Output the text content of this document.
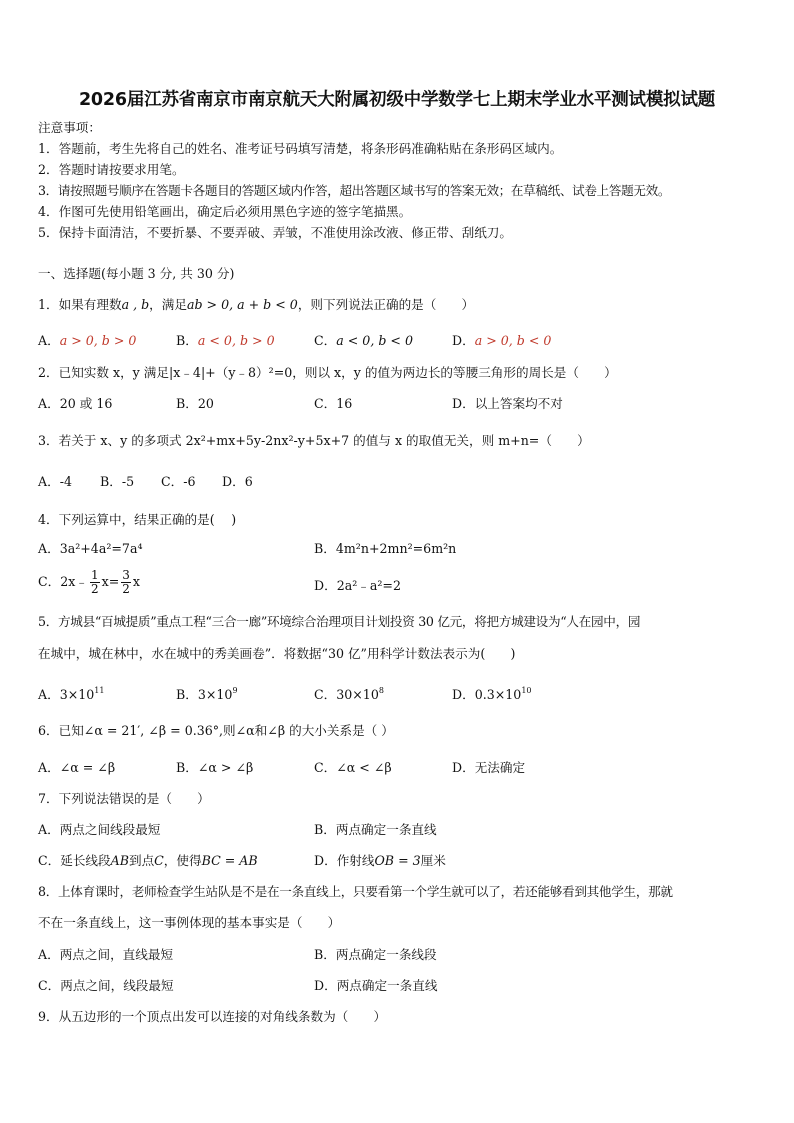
2026届江苏省南京市南京航天大附属初级中学数学七上期末学业水平测试模拟试题
注意事项：
1．答题前，考生先将自己的姓名、准考证号码填写清楚，将条形码准确粘贴在条形码区域内。
2．答题时请按要求用笔。
3．请按照题号顺序在答题卡各题目的答题区域内作答，超出答题区域书写的答案无效；在草稿纸、试卷上答题无效。
4．作图可先使用铅笔画出，确定后必须用黑色字迹的签字笔描黑。
5．保持卡面清洁，不要折暴、不要弄破、弄皱，不准使用涂改液、修正带、刮纸刀。
一、选择题(每小题 3 分, 共 30 分)
1．如果有理数a , b，满足ab > 0, a + b < 0，则下列说法正确的是（　　）
A．a > 0, b > 0	B．a < 0, b > 0	C．a < 0, b < 0	D．a > 0, b < 0
2．已知实数 x，y 满足|x﹣4|+（y﹣8）²=0，则以 x，y 的值为两边长的等腰三角形的周长是（　　）
A．20 或 16	B．20	C．16	D．以上答案均不对
3．若关于 x、y 的多项式 2x²+mx+5y-2nx²-y+5x+7 的值与 x 的取值无关，则 m+n=（　　）
A．-4 B．-5 C．-6 D．6
4．下列运算中，结果正确的是(　 )
A．3a²+4a²=7a⁴	B．4m²n+2mn²=6m²n
C．2x﹣ $\frac{1}{2} x= \frac{3}{2}$ x	D．2a²﹣a²=2
5．方城县“百城提质”重点工程“三合一廊”环境综合治理项目计划投资 30 亿元，将把方城建设为“人在园中，园
在城中，城在林中，水在城中的秀美画卷”．将数据“30 亿”用科学计数法表示为(　　)
A．$3\times 10^{11}$	B．$3\times 10^9$	C．$30\times 10^8$	D．$0.3\times 10^{10}$
6．已知∠α = 21′, ∠β = 0.36°,则∠α和∠β 的大小关系是（ ）
A．∠α = ∠β	B．∠α > ∠β	C．∠α < ∠β	D．无法确定
7．下列说法错误的是（　　）
A．两点之间线段最短	B．两点确定一条直线
C．延长线段AB到点C，使得BC = AB	D．作射线OB = 3厘米
8．上体育课时，老师检查学生站队是不是在一条直线上，只要看第一个学生就可以了，若还能够看到其他学生，那就
不在一条直线上，这一事例体现的基本事实是（　　）
A．两点之间，直线最短	B．两点确定一条线段
C．两点之间，线段最短	D．两点确定一条直线
9．从五边形的一个顶点出发可以连接的对角线条数为（　　）
